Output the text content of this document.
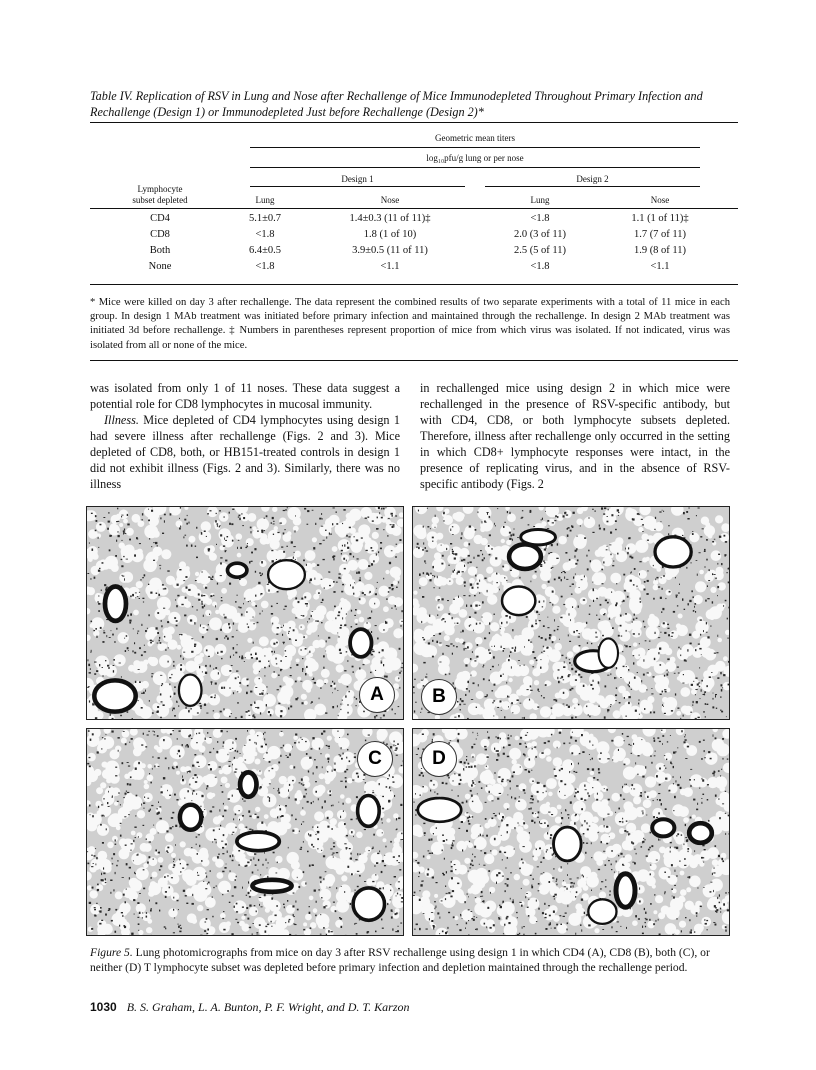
Table IV. Replication of RSV in Lung and Nose after Rechallenge of Mice Immunodepleted Throughout Primary Infection and Rechallenge (Design 1) or Immunodepleted Just before Rechallenge (Design 2)*
Geometric mean titers
log₁₀pfu/g lung or per nose
Design 1	Design 2
Lymphocyte
subset depleted	Lung	Nose	Lung	Nose
CD4	5.1±0.7	1.4±0.3 (11 of 11)‡	<1.8	1.1 (1 of 11)‡
CD8	<1.8	1.8 (1 of 10)	2.0 (3 of 11)	1.7 (7 of 11)
Both	6.4±0.5	3.9±0.5 (11 of 11)	2.5 (5 of 11)	1.9 (8 of 11)
None	<1.8	<1.1	<1.8	<1.1
* Mice were killed on day 3 after rechallenge. The data represent the combined results of two separate experiments with a total of 11 mice in each group. In design 1 MAb treatment was initiated before primary infection and maintained through the rechallenge. In design 2 MAb treatment was initiated 3d before rechallenge. ‡ Numbers in parentheses represent proportion of mice from which virus was isolated. If not indicated, virus was isolated from all or none of the mice.
was isolated from only 1 of 11 noses. These data suggest a potential role for CD8 lymphocytes in mucosal immunity.
Illness. Mice depleted of CD4 lymphocytes using design 1 had severe illness after rechallenge (Figs. 2 and 3). Mice depleted of CD8, both, or HB151-treated controls in design 1 did not exhibit illness (Figs. 2 and 3). Similarly, there was no illness
in rechallenged mice using design 2 in which mice were rechallenged in the presence of RSV-specific antibody, but with CD4, CD8, or both lymphocyte subsets depleted. Therefore, illness after rechallenge only occurred in the setting in which CD8+ lymphocyte responses were intact, in the presence of replicating virus, and in the absence of RSV-specific antibody (Figs. 2
A	B
C	D
Figure 5. Lung photomicrographs from mice on day 3 after RSV rechallenge using design 1 in which CD4 (A), CD8 (B), both (C), or neither (D) T lymphocyte subset was depleted before primary infection and depletion maintained through the rechallenge period.
1030 B. S. Graham, L. A. Bunton, P. F. Wright, and D. T. Karzon
